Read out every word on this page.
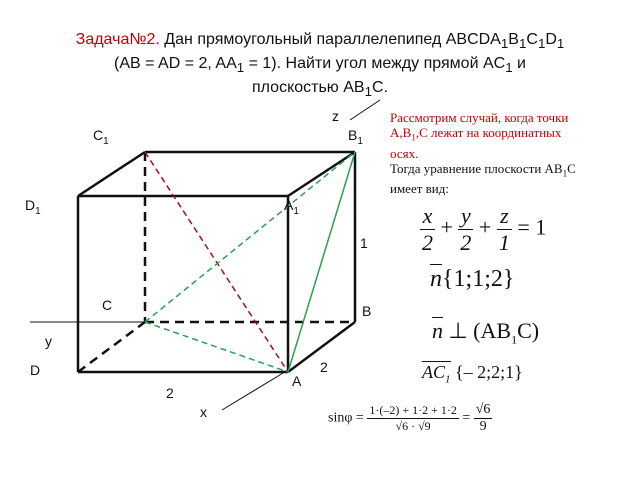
Задача№2. Дан прямоугольный параллелепипед $ABCDA_1B_1C_1D_1$
(AB = AD = 2, $AA_1 = 1$). Найти угол между прямой $AC_1$ и
плоскостью $AB_1C$.
$C_1$	$B_1$
$D_1$	$A_1$
C	B
D
A
z
y
x
1
2
2
Рассмотрим случай, когда точки
$A,B_1,C$ лежат на координатных
осях.
Тогда уравнение плоскости $AB_1C$
имеет вид:
$\frac{x}{2} + \frac{y}{2} + \frac{z}{1} = 1$
n{1;1;2}
n ⊥ $(AB_1C)$
$AC_1$ {– 2;2;1}
$\sin\varphi = \frac{1\cdot(-2) + 1\cdot 2 + 1\cdot 2}{√6 \cdot √9} = \frac{√6}{9}$
